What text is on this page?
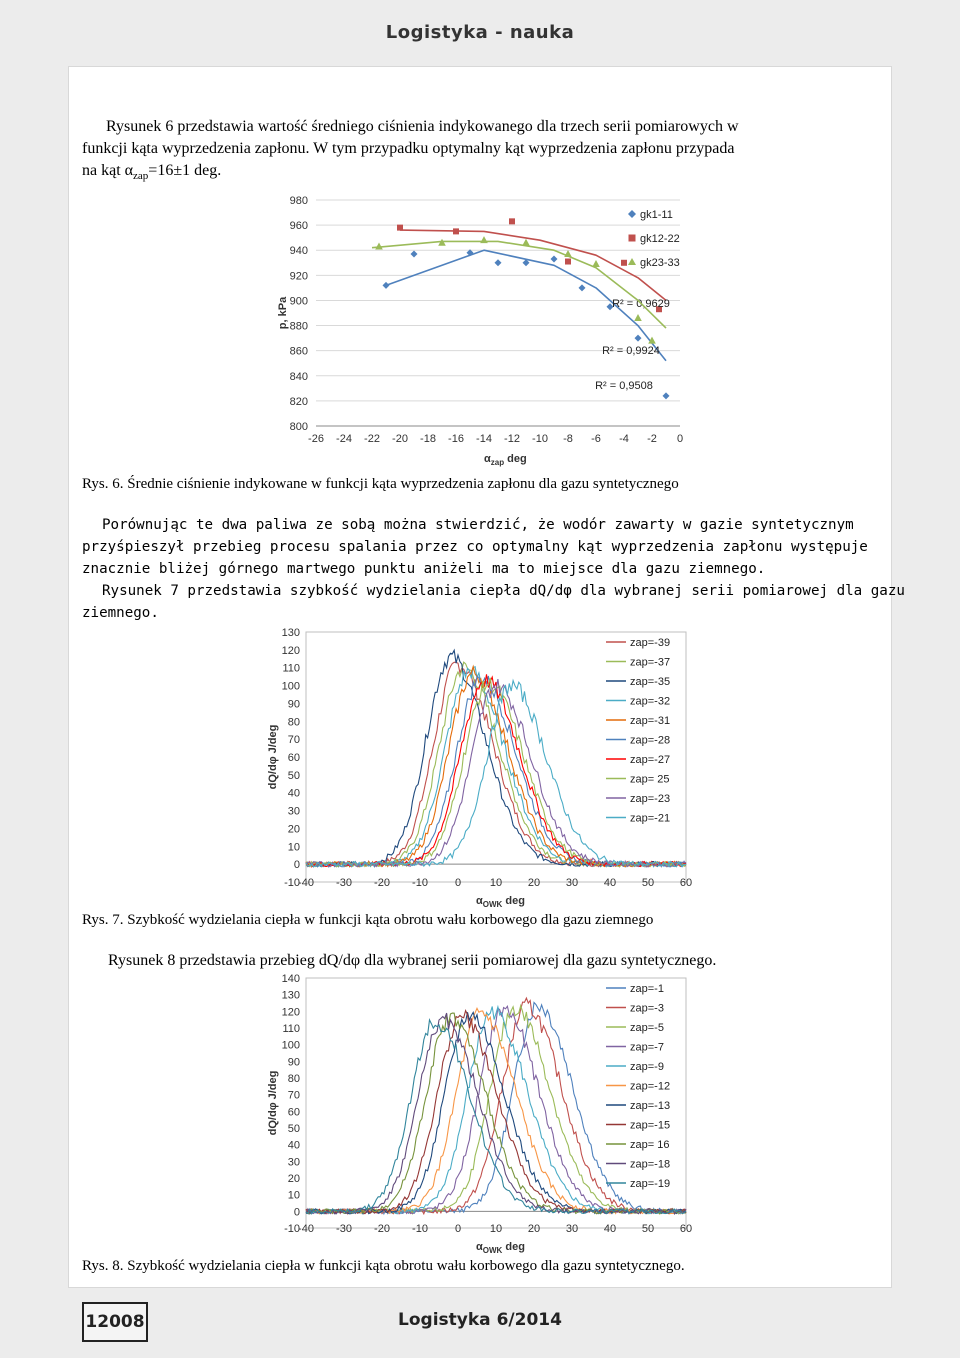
Logistyka - nauka
Rysunek 6 przedstawia wartość średniego ciśnienia indykowanego dla trzech serii pomiarowych w
funkcji kąta wyprzedzenia zapłonu. W tym przypadku optymalny kąt wyprzedzenia zapłonu przypada
na kąt $\alpha_{zap}=16\pm 1$ deg.
800
820
840
860
880
900
920
940
960
980
-26 -24 -22 -20 -18 -16 -14 -12 -10 -8 -6 -4 -2 0
p, kPa
$\alpha_{zap}$ deg
R² = 0,9508
gk1-11
R² = 0,9629
gk12-22
R² = 0,9924
gk23-33
Rys. 6. Średnie ciśnienie indykowane w funkcji kąta wyprzedzenia zapłonu dla gazu syntetycznego
Porównując te dwa paliwa ze sobą można stwierdzić, że wodór zawarty w gazie syntetycznym
przyśpieszył przebieg procesu spalania przez co optymalny kąt wyprzedzenia zapłonu występuje
znacznie bliżej górnego martwego punktu aniżeli ma to miejsce dla gazu ziemnego.
Rysunek 7 przedstawia szybkość wydzielania ciepła dQ/dφ dla wybranej serii pomiarowej dla gazu
ziemnego.
-10
0
10
20
30
40
50
60
70
80
90
100
110
120
130
-40 -30 -20 -10 0	10 20 30 40 50 60
dQ/dφ J/deg
$\alpha_{OWK}$ deg
zap=-39
zap=-37
zap=-35
zap=-32
zap=-31
zap=-28
zap=-27
zap= 25
zap=-23
zap=-21
Rys. 7. Szybkość wydzielania ciepła w funkcji kąta obrotu wału korbowego dla gazu ziemnego
Rysunek 8 przedstawia przebieg dQ/dφ dla wybranej serii pomiarowej dla gazu syntetycznego.
-10
0
10
20
30
40
50
60
70
80
90
100
110
120
130
140
-40 -30 -20 -10 0	10 20 30 40 50 60
dQ/dφ J/deg
$\alpha_{OWK}$ deg
zap=-1
zap=-3
zap=-5
zap=-7
zap=-9
zap=-12
zap=-13
zap=-15
zap= 16
zap=-18
zap=-19
Rys. 8. Szybkość wydzielania ciepła w funkcji kąta obrotu wału korbowego dla gazu syntetycznego.
12008	Logistyka 6/2014
